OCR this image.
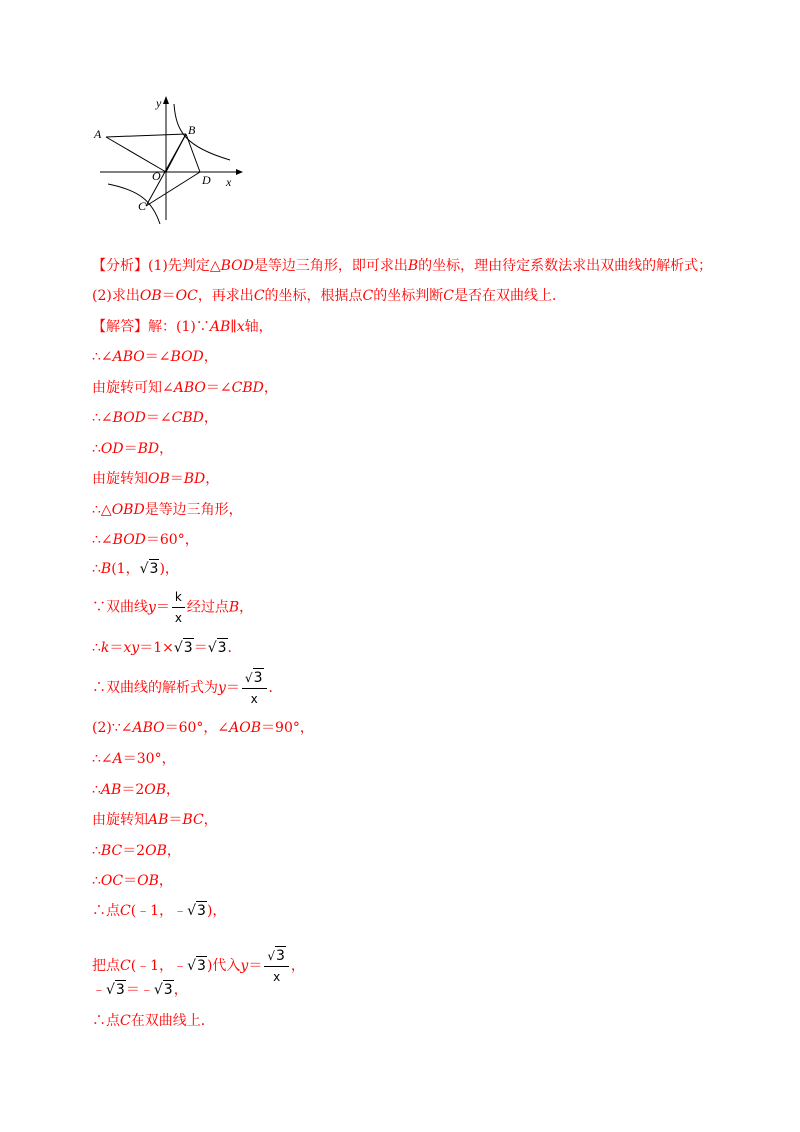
y
x
A	B
O	D
C
【分析】(1)先判定△BOD是等边三角形，即可求出B的坐标，理由待定系数法求出双曲线的解析式；
(2)求出OB＝OC，再求出C的坐标，根据点C的坐标判断C是否在双曲线上．
【解答】解：(1)∵AB∥x轴，
∴∠ABO＝∠BOD，
由旋转可知∠ABO＝∠CBD，
∴∠BOD＝∠CBD，
∴OD＝BD，
由旋转知OB＝BD，
∴△OBD是等边三角形，
∴∠BOD＝60°，
∴B(1，√3)，
∵双曲线$y= \frac{k}{x}$ 经过点B，
∴k＝xy＝1×√3＝√3．
∴双曲线的解析式为$y= \frac{√3}{x}$ ．
(2)∵∠ABO＝60°，∠AOB＝90°，
∴∠A＝30°，
∴AB＝2OB，
由旋转知AB＝BC，
∴BC＝2OB，
∴OC＝OB，
∴点C(﹣1，﹣√3)，
把点C(﹣1，﹣√3)代入$y= \frac{√3}{x}$ ，
﹣√3＝﹣√3，
∴点C在双曲线上．
